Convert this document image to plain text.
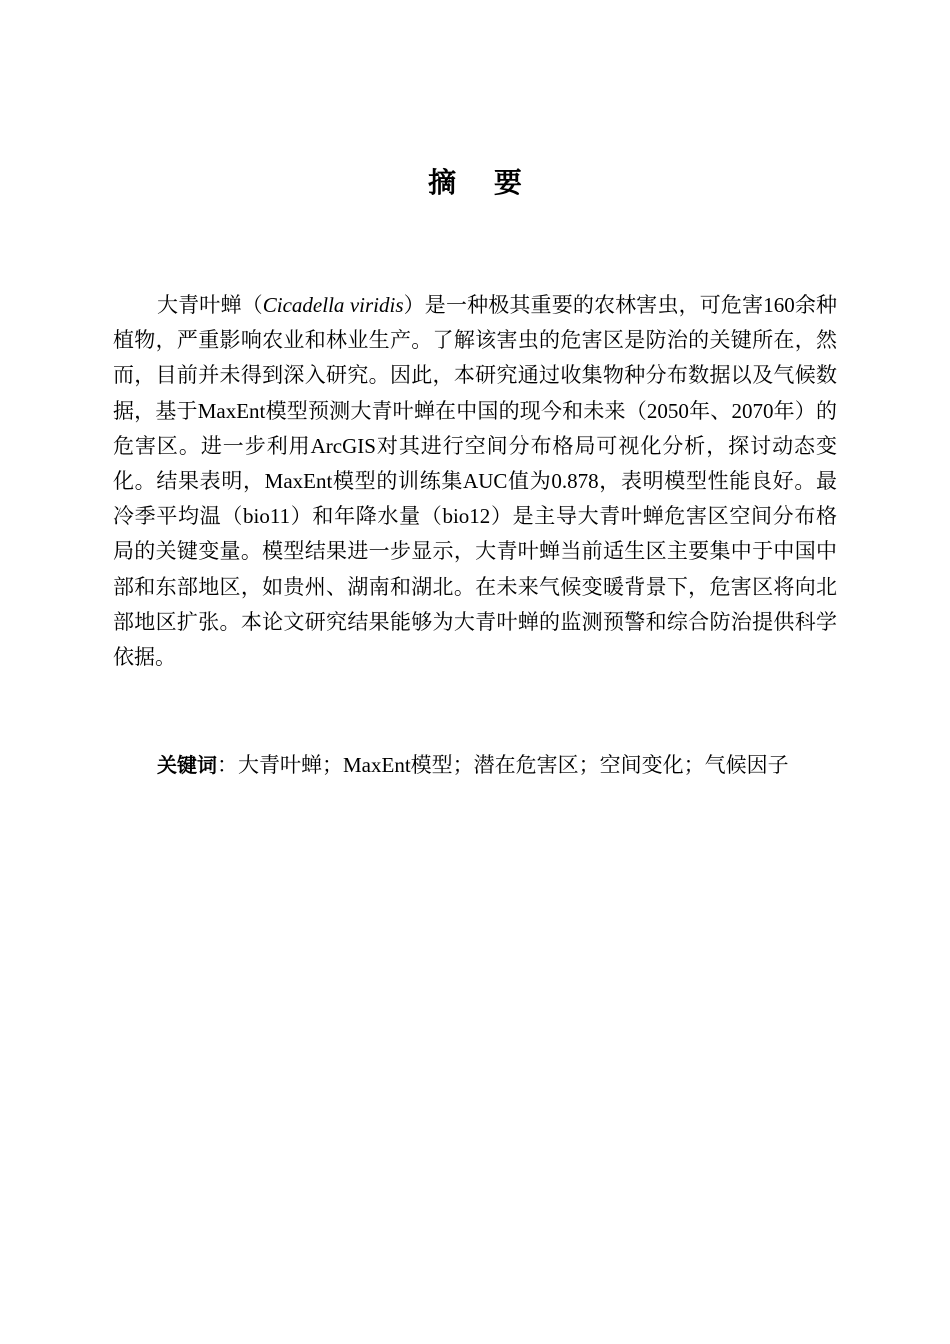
摘 要

大青叶蝉（Cicadella viridis）是一种极其重要的农林害虫，可危害160余种植物，严重影响农业和林业生产。了解该害虫的危害区是防治的关键所在，然而，目前并未得到深入研究。因此，本研究通过收集物种分布数据以及气候数据，基于MaxEnt模型预测大青叶蝉在中国的现今和未来（2050年、2070年）的危害区。进一步利用ArcGIS对其进行空间分布格局可视化分析，探讨动态变化。结果表明，MaxEnt模型的训练集AUC值为0.878，表明模型性能良好。最冷季平均温（bio11）和年降水量（bio12）是主导大青叶蝉危害区空间分布格局的关键变量。模型结果进一步显示，大青叶蝉当前适生区主要集中于中国中部和东部地区，如贵州、湖南和湖北。在未来气候变暖背景下，危害区将向北部地区扩张。本论文研究结果能够为大青叶蝉的监测预警和综合防治提供科学依据。

关键词：大青叶蝉；MaxEnt模型；潜在危害区；空间变化；气候因子
